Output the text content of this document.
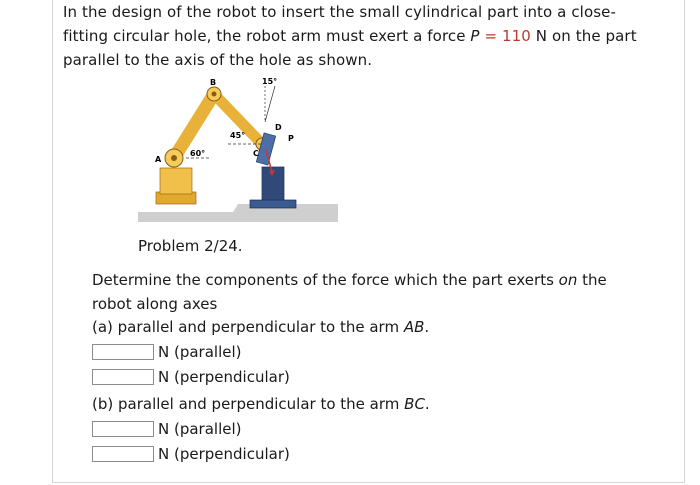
In the design of the robot to insert the small cylindrical part into a close-
fitting circular hole, the robot arm must exert a force P = 110 N on the part
parallel to the axis of the hole as shown.
A
B
C
D
P
15°
45°
60°
Problem 2/24.
Determine the components of the force which the part exerts on the
robot along axes
(a) parallel and perpendicular to the arm AB.
N (parallel)
N (perpendicular)
(b) parallel and perpendicular to the arm BC.
N (parallel)
N (perpendicular)
